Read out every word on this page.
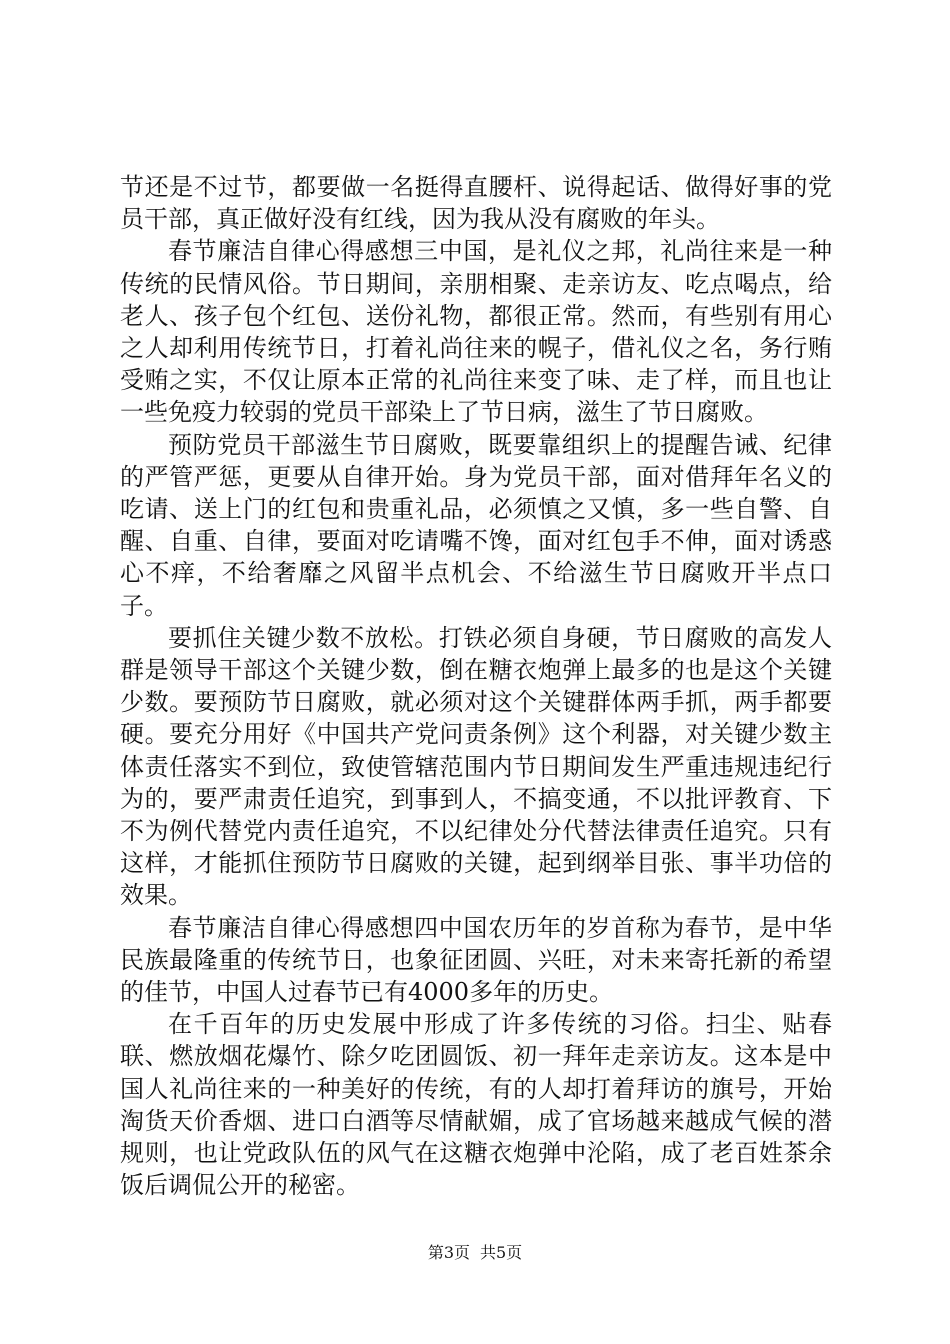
节还是不过节，都要做一名挺得直腰杆、说得起话、做得好事的党员干部，真正做好没有红线，因为我从没有腐败的年头。

春节廉洁自律心得感想三中国，是礼仪之邦，礼尚往来是一种传统的民情风俗。节日期间，亲朋相聚、走亲访友、吃点喝点，给老人、孩子包个红包、送份礼物，都很正常。然而，有些别有用心之人却利用传统节日，打着礼尚往来的幌子，借礼仪之名，务行贿受贿之实，不仅让原本正常的礼尚往来变了味、走了样，而且也让一些免疫力较弱的党员干部染上了节日病，滋生了节日腐败。

预防党员干部滋生节日腐败，既要靠组织上的提醒告诫、纪律的严管严惩，更要从自律开始。身为党员干部，面对借拜年名义的吃请、送上门的红包和贵重礼品，必须慎之又慎，多一些自警、自醒、自重、自律，要面对吃请嘴不馋，面对红包手不伸，面对诱惑心不痒，不给奢靡之风留半点机会、不给滋生节日腐败开半点口子。

要抓住关键少数不放松。打铁必须自身硬，节日腐败的高发人群是领导干部这个关键少数，倒在糖衣炮弹上最多的也是这个关键少数。要预防节日腐败，就必须对这个关键群体两手抓，两手都要硬。要充分用好《中国共产党问责条例》这个利器，对关键少数主体责任落实不到位，致使管辖范围内节日期间发生严重违规违纪行为的，要严肃责任追究，到事到人，不搞变通，不以批评教育、下不为例代替党内责任追究，不以纪律处分代替法律责任追究。只有这样，才能抓住预防节日腐败的关键，起到纲举目张、事半功倍的效果。

春节廉洁自律心得感想四中国农历年的岁首称为春节，是中华民族最隆重的传统节日，也象征团圆、兴旺，对未来寄托新的希望的佳节，中国人过春节已有4000多年的历史。

在千百年的历史发展中形成了许多传统的习俗。扫尘、贴春联、燃放烟花爆竹、除夕吃团圆饭、初一拜年走亲访友。这本是中国人礼尚往来的一种美好的传统，有的人却打着拜访的旗号，开始淘货天价香烟、进口白酒等尽情献媚，成了官场越来越成气候的潜规则，也让党政队伍的风气在这糖衣炮弹中沦陷，成了老百姓茶余饭后调侃公开的秘密。

第3页 共5页
